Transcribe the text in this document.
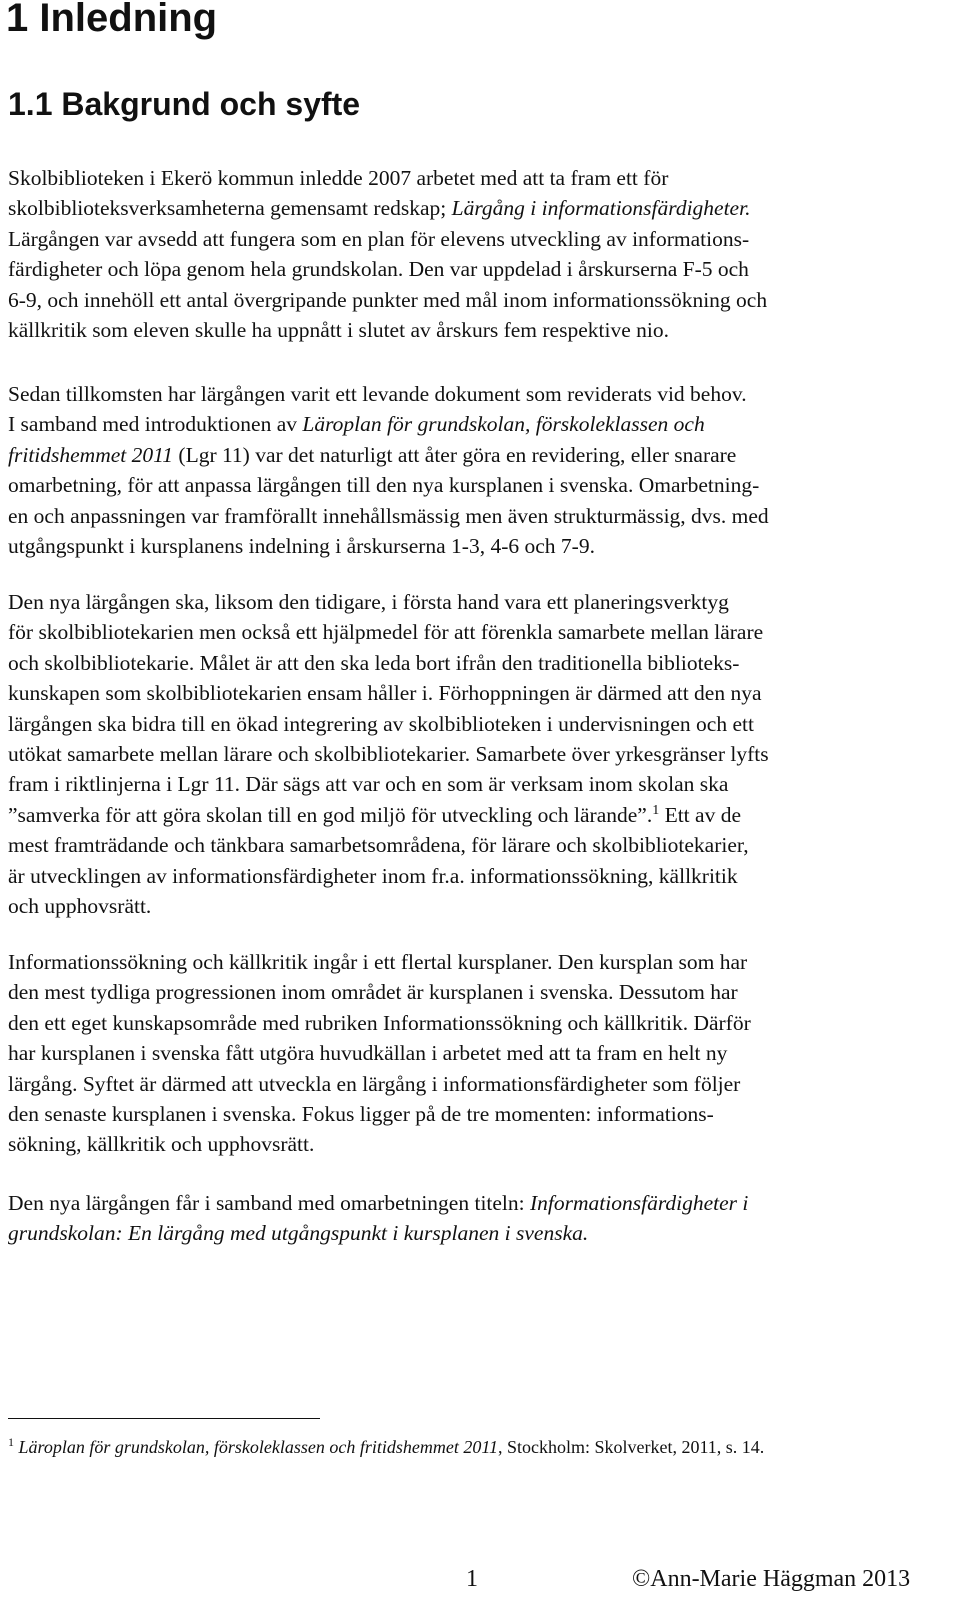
1 Inledning
1.1 Bakgrund och syfte

Skolbiblioteken i Ekerö kommun inledde 2007 arbetet med att ta fram ett för
skolbiblioteksverksamheterna gemensamt redskap; Lärgång i informationsfärdigheter.
Lärgången var avsedd att fungera som en plan för elevens utveckling av informations-
färdigheter och löpa genom hela grundskolan. Den var uppdelad i årskurserna F-5 och
6-9, och innehöll ett antal övergripande punkter med mål inom informationssökning och
källkritik som eleven skulle ha uppnått i slutet av årskurs fem respektive nio.

Sedan tillkomsten har lärgången varit ett levande dokument som reviderats vid behov.
I samband med introduktionen av Läroplan för grundskolan, förskoleklassen och
fritidshemmet 2011 (Lgr 11) var det naturligt att åter göra en revidering, eller snarare
omarbetning, för att anpassa lärgången till den nya kursplanen i svenska. Omarbetning-
en och anpassningen var framförallt innehållsmässig men även strukturmässig, dvs. med
utgångspunkt i kursplanens indelning i årskurserna 1-3, 4-6 och 7-9.

Den nya lärgången ska, liksom den tidigare, i första hand vara ett planeringsverktyg
för skolbibliotekarien men också ett hjälpmedel för att förenkla samarbete mellan lärare
och skolbibliotekarie. Målet är att den ska leda bort ifrån den traditionella biblioteks-
kunskapen som skolbibliotekarien ensam håller i. Förhoppningen är därmed att den nya
lärgången ska bidra till en ökad integrering av skolbiblioteken i undervisningen och ett
utökat samarbete mellan lärare och skolbibliotekarier. Samarbete över yrkesgränser lyfts
fram i riktlinjerna i Lgr 11. Där sägs att var och en som är verksam inom skolan ska
”samverka för att göra skolan till en god miljö för utveckling och lärande”.$^1$ Ett av de
mest framträdande och tänkbara samarbetsområdena, för lärare och skolbibliotekarier,
är utvecklingen av informationsfärdigheter inom fr.a. informationssökning, källkritik
och upphovsrätt.

Informationssökning och källkritik ingår i ett flertal kursplaner. Den kursplan som har
den mest tydliga progressionen inom området är kursplanen i svenska. Dessutom har
den ett eget kunskapsområde med rubriken Informationssökning och källkritik. Därför
har kursplanen i svenska fått utgöra huvudkällan i arbetet med att ta fram en helt ny
lärgång. Syftet är därmed att utveckla en lärgång i informationsfärdigheter som följer
den senaste kursplanen i svenska. Fokus ligger på de tre momenten: informations-
sökning, källkritik och upphovsrätt.

Den nya lärgången får i samband med omarbetningen titeln: Informationsfärdigheter i
grundskolan: En lärgång med utgångspunkt i kursplanen i svenska.

$^1$ Läroplan för grundskolan, förskoleklassen och fritidshemmet 2011, Stockholm: Skolverket, 2011, s. 14.

1	©Ann-Marie Häggman 2013
